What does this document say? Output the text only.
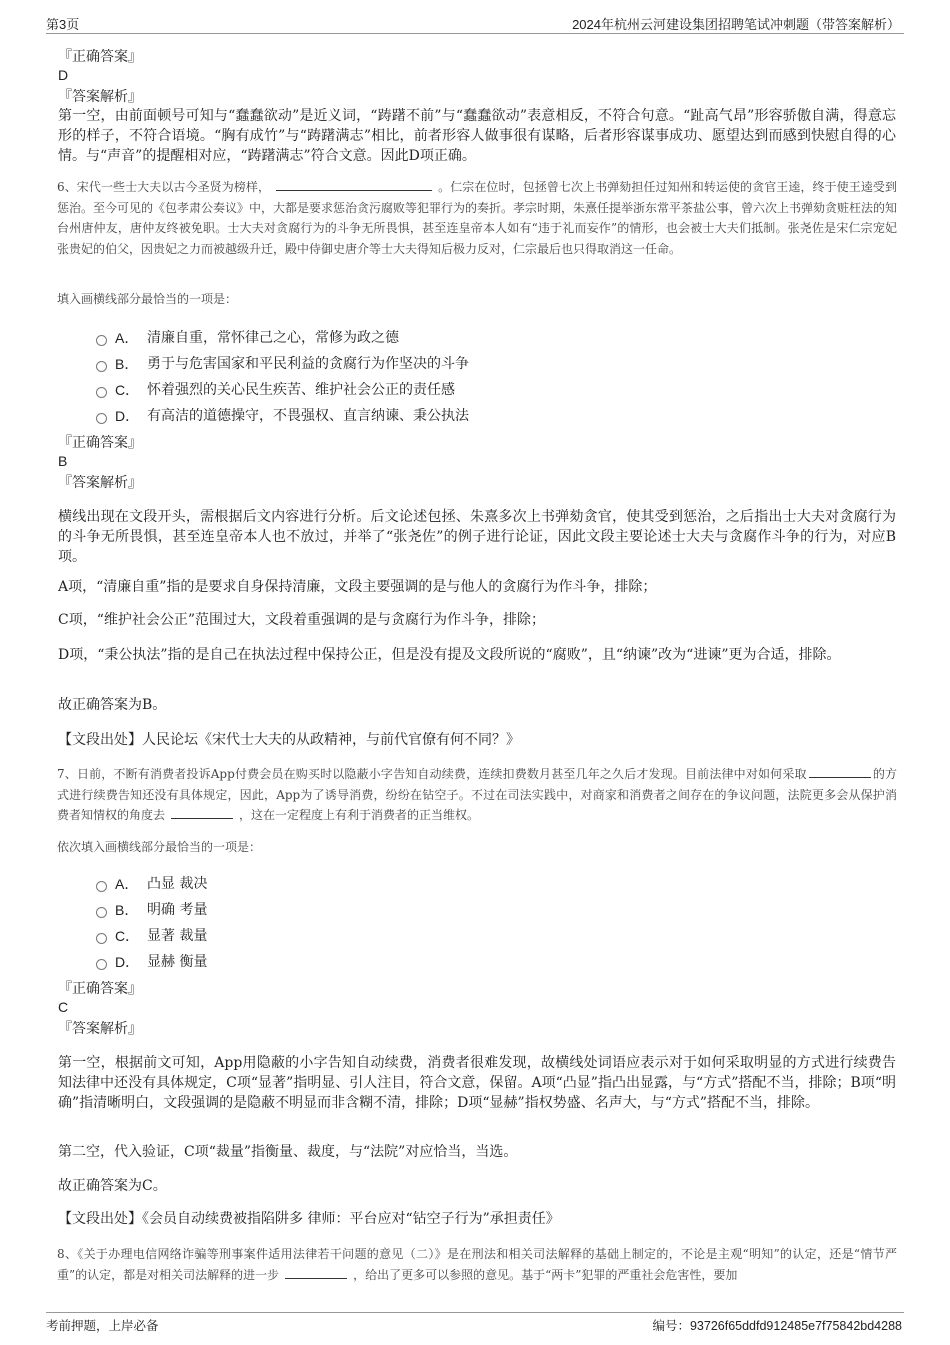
第3页	2024年杭州云河建设集团招聘笔试冲刺题（带答案解析）
『正确答案』
D
『答案解析』
第一空，由前面顿号可知与“蠢蠢欲动”是近义词，“踌躇不前”与“蠢蠢欲动”表意相反，不符合句意。“趾高气昂”形容骄傲自满，得意忘形的样子，不符合语境。“胸有成竹”与“踌躇满志”相比，前者形容人做事很有谋略，后者形容谋事成功、愿望达到而感到快慰自得的心情。与“声音”的提醒相对应，“踌躇满志”符合文意。因此D项正确。
6、宋代一些士大夫以古今圣贤为榜样，	。仁宗在位时，包拯曾七次上书弹劾担任过知州和转运使的贪官王逵，终于使王逵受到惩治。至今可见的《包孝肃公奏议》中，大都是要求惩治贪污腐败等犯罪行为的奏折。孝宗时期，朱熹任提举浙东常平茶盐公事，曾六次上书弹劾贪赃枉法的知台州唐仲友，唐仲友终被免职。士大夫对贪腐行为的斗争无所畏惧，甚至连皇帝本人如有“违于礼而妄作”的情形，也会被士大夫们抵制。张尧佐是宋仁宗宠妃张贵妃的伯父，因贵妃之力而被越级升迁，殿中侍御史唐介等士大夫得知后极力反对，仁宗最后也只得取消这一任命。
填入画横线部分最恰当的一项是：
A． 清廉自重，常怀律己之心，常修为政之德
B． 勇于与危害国家和平民利益的贪腐行为作坚决的斗争
C． 怀着强烈的关心民生疾苦、维护社会公正的责任感
D． 有高洁的道德操守，不畏强权、直言纳谏、秉公执法
『正确答案』
B
『答案解析』
横线出现在文段开头，需根据后文内容进行分析。后文论述包拯、朱熹多次上书弹劾贪官，使其受到惩治，之后指出士大夫对贪腐行为的斗争无所畏惧，甚至连皇帝本人也不放过，并举了“张尧佐”的例子进行论证，因此文段主要论述士大夫与贪腐作斗争的行为，对应B项。
A项，“清廉自重”指的是要求自身保持清廉，文段主要强调的是与他人的贪腐行为作斗争，排除；
C项，“维护社会公正”范围过大，文段着重强调的是与贪腐行为作斗争，排除；
D项，“秉公执法”指的是自己在执法过程中保持公正，但是没有提及文段所说的“腐败”，且“纳谏”改为“进谏”更为合适，排除。
故正确答案为B。
【文段出处】人民论坛《宋代士大夫的从政精神，与前代官僚有何不同？》
7、日前，不断有消费者投诉App付费会员在购买时以隐蔽小字告知自动续费，连续扣费数月甚至几年之久后才发现。目前法律中对如何采取	的方式进行续费告知还没有具体规定，因此，App为了诱导消费，纷纷在钻空子。不过在司法实践中，对商家和消费者之间存在的争议问题，法院更多会从保护消费者知情权的角度去	，这在一定程度上有利于消费者的正当维权。
依次填入画横线部分最恰当的一项是：
A． 凸显 裁决
B． 明确 考量
C． 显著 裁量
D． 显赫 衡量
『正确答案』
C
『答案解析』
第一空，根据前文可知，App用隐蔽的小字告知自动续费，消费者很难发现，故横线处词语应表示对于如何采取明显的方式进行续费告知法律中还没有具体规定，C项“显著”指明显、引人注目，符合文意，保留。A项“凸显”指凸出显露，与“方式”搭配不当，排除；B项“明确”指清晰明白，文段强调的是隐蔽不明显而非含糊不清，排除；D项“显赫”指权势盛、名声大，与“方式”搭配不当，排除。
第二空，代入验证，C项“裁量”指衡量、裁度，与“法院”对应恰当，当选。
故正确答案为C。
【文段出处】《会员自动续费被指陷阱多 律师：平台应对“钻空子行为”承担责任》
8、《关于办理电信网络诈骗等刑事案件适用法律若干问题的意见（二）》是在刑法和相关司法解释的基础上制定的，不论是主观“明知”的认定，还是“情节严重”的认定，都是对相关司法解释的进一步	，给出了更多可以参照的意见。基于“两卡”犯罪的严重社会危害性，要加
考前押题，上岸必备	编号：93726f65ddfd912485e7f75842bd4288
